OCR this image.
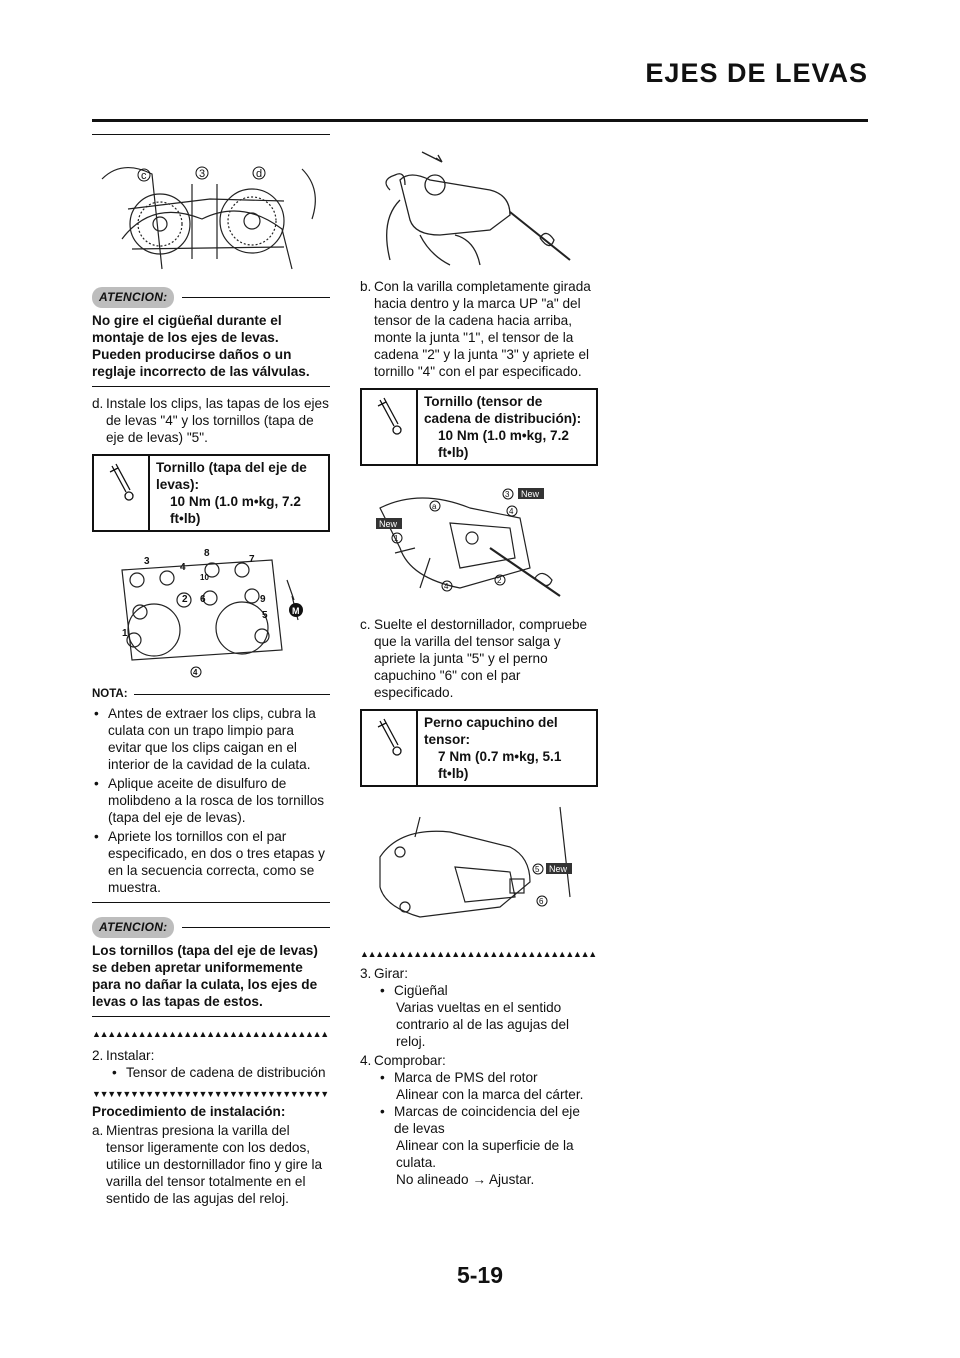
EJES DE LEVAS
c	3	d
ATENCION:
No gire el cigüeñal durante el montaje de los ejes de levas. Pueden producirse daños o un reglaje incorrecto de las válvulas.
d. Instale los clips, las tapas de los ejes de levas "4" y los tornillos (tapa de eje de levas) "5".
Tornillo (tapa del eje de levas):
10 Nm (1.0 m•kg, 7.2 ft•lb)
3
4
8
7
10
2 6	9
1
5	M
4
NOTA:
• Antes de extraer los clips, cubra la culata con un trapo limpio para evitar que los clips caigan en el interior de la cavidad de la culata.
• Aplique aceite de disulfuro de molibdeno a la rosca de los tornillos (tapa del eje de levas).
• Apriete los tornillos con el par especificado, en dos o tres etapas y en la secuencia correcta, como se muestra.
ATENCION:
Los tornillos (tapa del eje de levas) se deben apretar uniformemente para no dañar la culata, los ejes de levas o las tapas de estos.
▲▲▲▲▲▲▲▲▲▲▲▲▲▲▲▲▲▲▲▲▲▲▲▲▲▲▲▲▲▲▲
2. Instalar:
• Tensor de cadena de distribución
▼▼▼▼▼▼▼▼▼▼▼▼▼▼▼▼▼▼▼▼▼▼▼▼▼▼▼▼▼▼▼
Procedimiento de instalación:
a. Mientras presiona la varilla del tensor ligeramente con los dedos, utilice un destornillador fino y gire la varilla del tensor totalmente en el sentido de las agujas del reloj.
b. Con la varilla completamente girada hacia dentro y la marca UP "a" del tensor de la cadena hacia arriba, monte la junta "1", el tensor de la cadena "2" y la junta "3" y apriete el tornillo "4" con el par especificado.
Tornillo (tensor de cadena de distribución):
10 Nm (1.0 m•kg, 7.2 ft•lb)
a
3 New
4
New
1
4
2
c. Suelte el destornillador, compruebe que la varilla del tensor salga y apriete la junta "5" y el perno capuchino "6" con el par especificado.
Perno capuchino del tensor:
7 Nm (0.7 m•kg, 5.1 ft•lb)
5 New
6
▲▲▲▲▲▲▲▲▲▲▲▲▲▲▲▲▲▲▲▲▲▲▲▲▲▲▲▲▲▲▲
3. Girar:
• Cigüeñal
Varias vueltas en el sentido contrario al de las agujas del reloj.
4. Comprobar:
• Marca de PMS del rotor
Alinear con la marca del cárter.
• Marcas de coincidencia del eje de levas
Alinear con la superficie de la culata.
No alineado → Ajustar.
5-19
